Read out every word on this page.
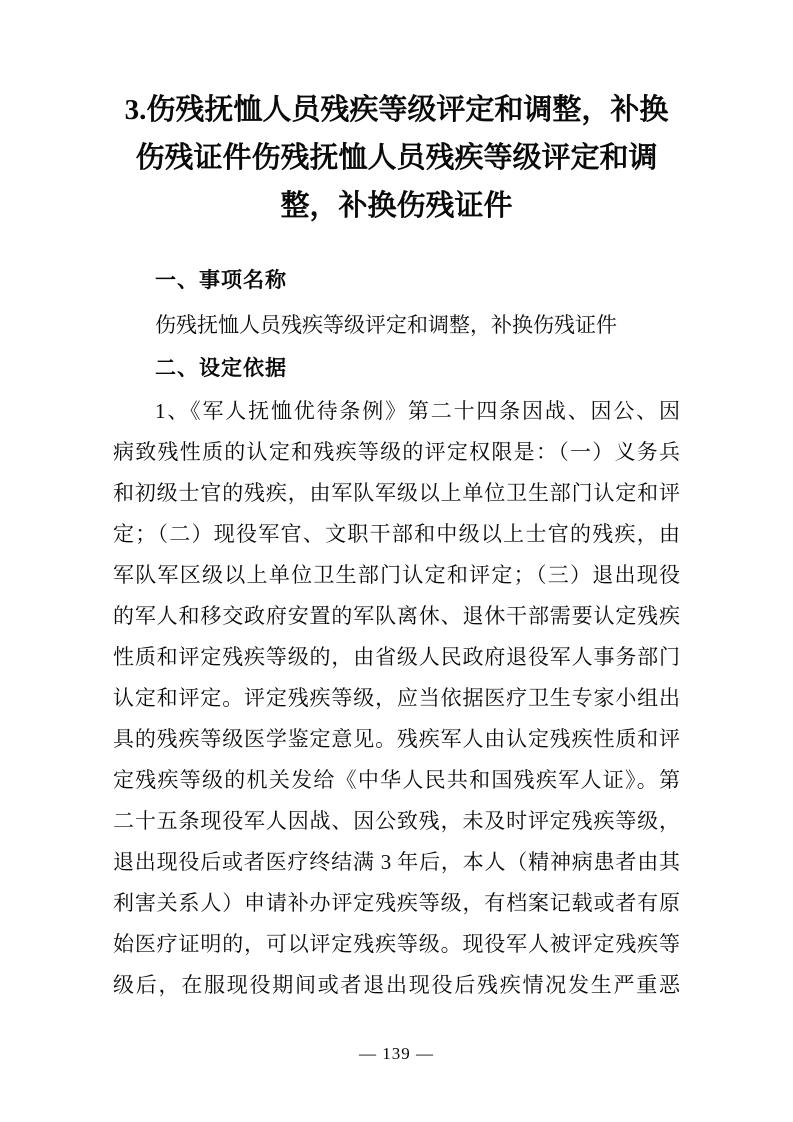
3.伤残抚恤人员残疾等级评定和调整，补换
伤残证件伤残抚恤人员残疾等级评定和调
整，补换伤残证件
一、事项名称
伤残抚恤人员残疾等级评定和调整，补换伤残证件
二、设定依据
1、《军人抚恤优待条例》第二十四条因战、因公、因
病致残性质的认定和残疾等级的评定权限是：（一）义务兵
和初级士官的残疾，由军队军级以上单位卫生部门认定和评
定；（二）现役军官、文职干部和中级以上士官的残疾，由
军队军区级以上单位卫生部门认定和评定；（三）退出现役
的军人和移交政府安置的军队离休、退休干部需要认定残疾
性质和评定残疾等级的，由省级人民政府退役军人事务部门
认定和评定。评定残疾等级，应当依据医疗卫生专家小组出
具的残疾等级医学鉴定意见。残疾军人由认定残疾性质和评
定残疾等级的机关发给《中华人民共和国残疾军人证》。第
二十五条现役军人因战、因公致残，未及时评定残疾等级，
退出现役后或者医疗终结满 3 年后，本人（精神病患者由其
利害关系人）申请补办评定残疾等级，有档案记载或者有原
始医疗证明的，可以评定残疾等级。现役军人被评定残疾等
级后，在服现役期间或者退出现役后残疾情况发生严重恶
— 139 —
